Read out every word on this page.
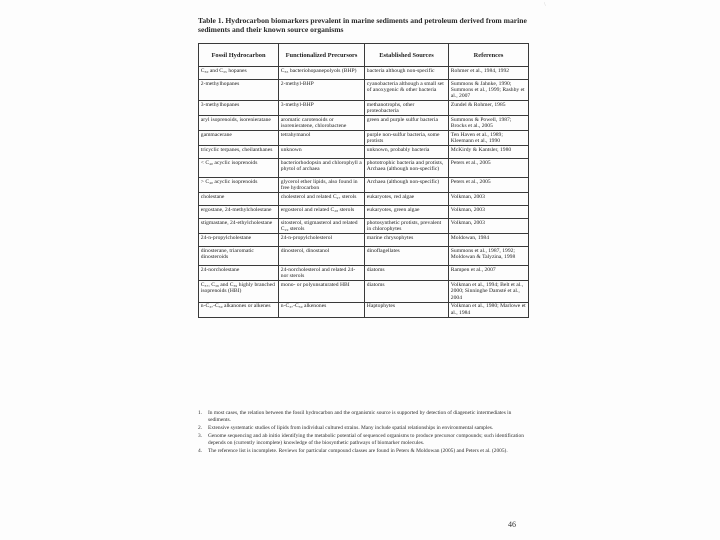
\
Table 1. Hydrocarbon biomarkers prevalent in marine sediments and petroleum derived from marine sediments and their known source organisms
Fossil Hydrocarbon	Functionalized Precursors	Established Sources	References
C₃₀ and C₃₅ hopanes	C₃₅ bacteriohopanepolyols (BHP)	bacteria although non-specific	Rohmer et al., 1984, 1992
2-methylhopanes	2-methyl-BHP	cyanobacteria although a small set of anoxygenic & other bacteria	Summons & Jahnke, 1990; Summons et al., 1999; Rashby et al., 2007
3-methylhopanes	3-methyl-BHP	methanotrophs, other proteobacteria	Zundel & Rohmer, 1985
aryl isoprenoids, isorenieratane	aromatic carotenoids or isorenieratene, chlorobactene	green and purple sulfur bacteria	Summons & Powell, 1987; Brocks et al., 2005
gammacerane	tetrahymanol	purple non-sulfur bacteria, some protists	Ten Haven et al., 1989; Kleemann et al., 1990
tricyclic terpanes, cheilanthanes	unknown	unknown, probably bacteria	McKirdy & Kantsler, 1980
< C₄₀ acyclic isoprenoids	bacteriorhodopsin and chlorophyll a phytol of archaea	phototrophic bacteria and protists, Archaea (although non-specific)	Peters et al., 2005
> C₄₀ acyclic isoprenoids	glycerol ether lipids, also found in free hydrocarbon	Archaea (although non-specific)	Peters et al., 2005
cholestane	cholesterol and related C₂₇ sterols	eukaryotes, red algae	Volkman, 2003
ergostane, 24-methylcholestane	ergosterol and related C₂₈ sterols	eukaryotes, green algae	Volkman, 2003
stigmastane, 24-ethylcholestane	sitosterol, stigmasterol and related C₂₉ sterols	photosynthetic protists, prevalent in chlorophytes	Volkman, 2003
24-n-propylcholestane	24-n-propylcholesterol	marine chrysophytes	Moldowan, 1984
dinosterane, triaromatic dinosteroids	dinosterol, dinostanol	dinoflagellates	Summons et al., 1987, 1992; Moldowan & Talyzina, 1998
24-norcholestane	24-norcholesterol and related 24-nor sterols	diatoms	Rampen et al., 2007
C₃₇, C₃₈ and C₃₉ highly branched isoprenoids (HBI)	mono- or polyunsaturated HBI	diatoms	Volkman et al., 1994; Belt et al., 2000; Sinninghe Damsté et al., 2004
n-C₃₇-C₃₉ alkanones or alkenes	n-C₃₇-C₃₉ alkenones	Haptophytes	Volkman et al., 1980; Marlowe et al., 1984
1.	In most cases, the relation between the fossil hydrocarbon and the organismic source is supported by detection of diagenetic intermediates in sediments.
2.	Extensive systematic studies of lipids from individual cultured strains. Many include spatial relationships in environmental samples.
3.	Genome sequencing and ab initio identifying the metabolic potential of sequenced organisms to produce precursor compounds; such identification depends on (currently incomplete) knowledge of the biosynthetic pathways of biomarker molecules.
4.	The reference list is incomplete. Reviews for particular compound classes are found in Peters & Moldowan (2005) and Peters et al. (2005).
46
